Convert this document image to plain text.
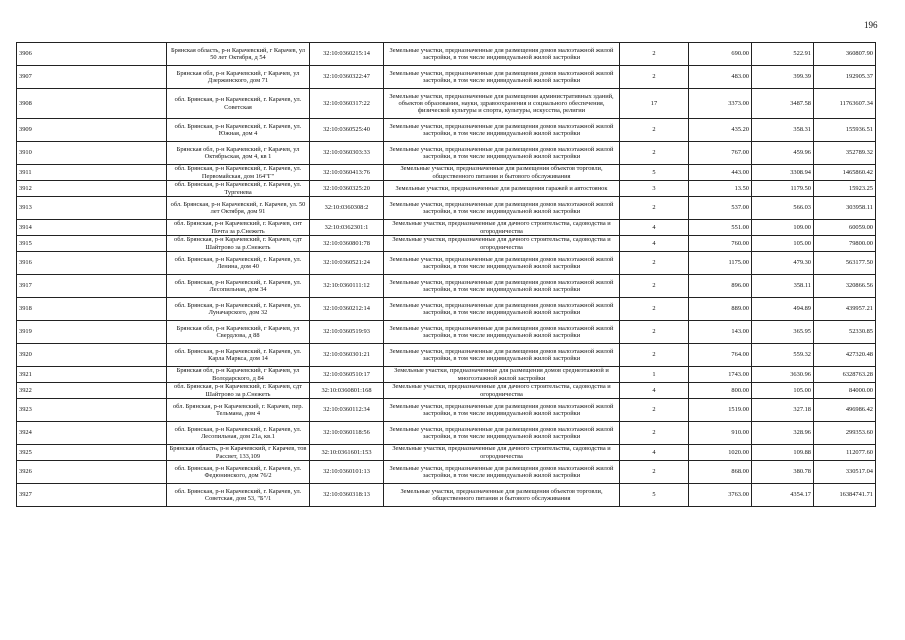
196
3906	Брянская область, р-н Карачевский, г Карачев, ул 50 лет Октября, д 54	32:10:0360215:14	Земельные участки, предназначенные для размещения домов малоэтажной жилой застройки, в том числе индивидуальной жилой застройки	2	690.00	522.91	360807.90
3907	Брянская обл, р-н Карачевский, г Карачев, ул Дзержинского, дом 71	32:10:0360322:47	Земельные участки, предназначенные для размещения домов малоэтажной жилой застройки, в том числе индивидуальной жилой застройки	2	483.00	399.39	192905.37
3908	обл. Брянская, р-н Карачевский, г. Карачев, ул. Советская	32:10:0360317:22	Земельные участки, предназначенные для размещения административных зданий, объектов образования, науки, здравоохранения и социального обеспечения, физической культуры и спорта, культуры, искусства, религии	17	3373.00	3487.58	11763607.34
3909	обл. Брянская, р-н Карачевский, г. Карачев, ул. Южная, дом 4	32:10:0360525:40	Земельные участки, предназначенные для размещения домов малоэтажной жилой застройки, в том числе индивидуальной жилой застройки	2	435.20	358.31	155936.51
3910	Брянская обл, р-н Карачевский, г Карачев, ул Октябрьская, дом 4, кв 1	32:10:0360303:33	Земельные участки, предназначенные для размещения домов малоэтажной жилой застройки, в том числе индивидуальной жилой застройки	2	767.00	459.96	352789.32
3911	обл. Брянская, р-н Карачевский, г. Карачев, ул. Первомайская, дом 164"Г"	32:10:0360413:76	Земельные участки, предназначенные для размещения объектов торговли, общественного питания и бытового обслуживания	5	443.00	3308.94	1465860.42
3912	обл. Брянская, р-н Карачевский, г. Карачев, ул. Тургенева	32:10:0360325:20	Земельные участки, предназначенные для размещения гаражей и автостоянок	3	13.50	1179.50	15923.25
3913	обл. Брянская, р-н Карачевский, г. Карачев, ул. 50 лет Октября, дом 91	32:10:0360308:2	Земельные участки, предназначенные для размещения домов малоэтажной жилой застройки, в том числе индивидуальной жилой застройки	2	537.00	566.03	303958.11
3914	обл. Брянская, р-н Карачевский, г. Карачев, снт Почта за р.Снежеть	32:10:0362301:1	Земельные участки, предназначенные для дачного строительства, садоводства и огородничества	4	551.00	109.00	60059.00
3915	обл. Брянская, р-н Карачевский, г. Карачев, сдт Шайтрово за р.Снежеть	32:10:0360801:78	Земельные участки, предназначенные для дачного строительства, садоводства и огородничества	4	760.00	105.00	79800.00
3916	обл. Брянская, р-н Карачевский, г. Карачев, ул. Ленина, дом 40	32:10:0360521:24	Земельные участки, предназначенные для размещения домов малоэтажной жилой застройки, в том числе индивидуальной жилой застройки	2	1175.00	479.30	563177.50
3917	обл. Брянская, р-н Карачевский, г. Карачев, ул. Лесопильная, дом 34	32:10:0360111:12	Земельные участки, предназначенные для размещения домов малоэтажной жилой застройки, в том числе индивидуальной жилой застройки	2	896.00	358.11	320866.56
3918	обл. Брянская, р-н Карачевский, г. Карачев, ул. Луначарского, дом 32	32:10:0360212:14	Земельные участки, предназначенные для размещения домов малоэтажной жилой застройки, в том числе индивидуальной жилой застройки	2	889.00	494.89	439957.21
3919	Брянская обл, р-н Карачевский, г Карачев, ул Свердлова, д 88	32:10:0360519:93	Земельные участки, предназначенные для размещения домов малоэтажной жилой застройки, в том числе индивидуальной жилой застройки	2	143.00	365.95	52330.85
3920	обл. Брянская, р-н Карачевский, г. Карачев, ул. Карла Маркса, дом 14	32:10:0360301:21	Земельные участки, предназначенные для размещения домов малоэтажной жилой застройки, в том числе индивидуальной жилой застройки	2	764.00	559.32	427320.48
3921	Брянская обл, р-н Карачевский, г Карачев, ул Володарского, д 84	32:10:0360510:17	Земельные участки, предназначенные для размещения домов среднеэтажной и многоэтажной жилой застройки	1	1743.00	3630.96	6328763.28
3922	обл. Брянская, р-н Карачевский, г. Карачев, сдт Шайтрово за р.Снежеть	32:10:0360801:168	Земельные участки, предназначенные для дачного строительства, садоводства и огородничества	4	800.00	105.00	84000.00
3923	обл. Брянская, р-н Карачевский, г. Карачев, пер. Тельмана, дом 4	32:10:0360112:34	Земельные участки, предназначенные для размещения домов малоэтажной жилой застройки, в том числе индивидуальной жилой застройки	2	1519.00	327.18	496986.42
3924	обл. Брянская, р-н Карачевский, г. Карачев, ул. Лесопильная, дом 21а, кв.1	32:10:0360118:56	Земельные участки, предназначенные для размещения домов малоэтажной жилой застройки, в том числе индивидуальной жилой застройки	2	910.00	328.96	299353.60
3925	Брянская область, р-н Карачевский, г Карачев, тов Рассвет, 133,109	32:10:0361601:153	Земельные участки, предназначенные для дачного строительства, садоводства и огородничества	4	1020.00	109.88	112077.60
3926	обл. Брянская, р-н Карачевский, г. Карачев, ул. Федюнинского, дом 76/2	32:10:0360101:13	Земельные участки, предназначенные для размещения домов малоэтажной жилой застройки, в том числе индивидуальной жилой застройки	2	868.00	380.78	330517.04
3927	обл. Брянская, р-н Карачевский, г. Карачев, ул. Советская, дом 53, "Б"/1	32:10:0360318:13	Земельные участки, предназначенные для размещения объектов торговли, общественного питания и бытового обслуживания	5	3763.00	4354.17	16384741.71
